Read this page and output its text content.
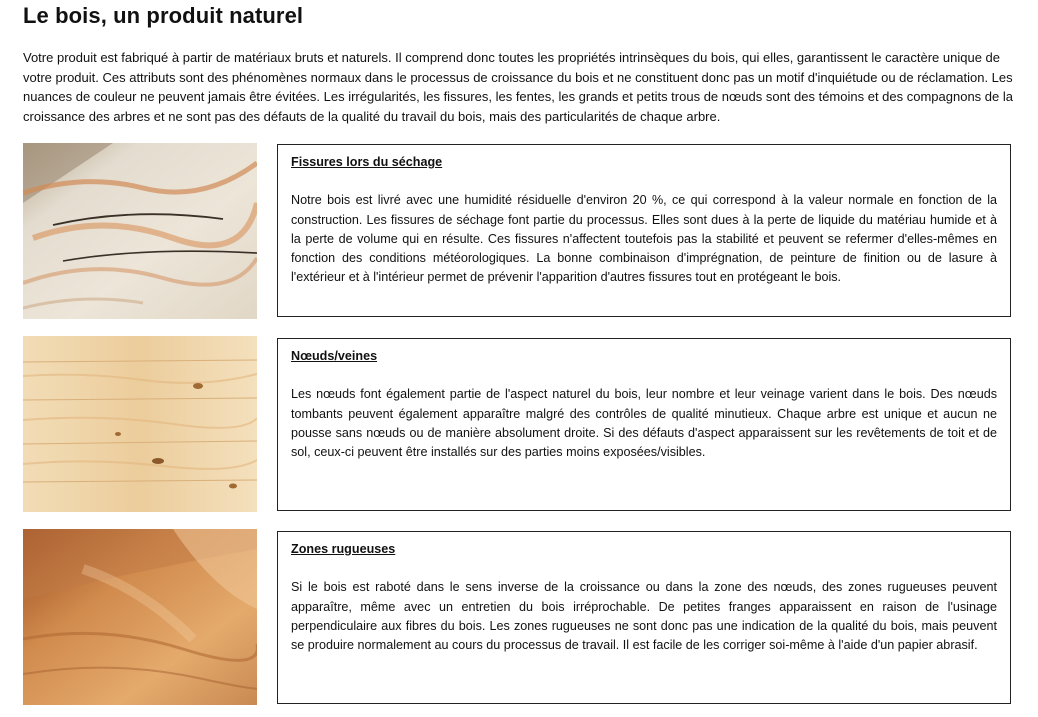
Le bois, un produit naturel

Votre produit est fabriqué à partir de matériaux bruts et naturels. Il comprend donc toutes les propriétés intrinsèques du bois, qui elles, garantissent le caractère unique de votre produit. Ces attributs sont des phénomènes normaux dans le processus de croissance du bois et ne constituent donc pas un motif d'inquiétude ou de réclamation. Les nuances de couleur ne peuvent jamais être évitées. Les irrégularités, les fissures, les fentes, les grands et petits trous de nœuds sont des témoins et des compagnons de la croissance des arbres et ne sont pas des défauts de la qualité du travail du bois, mais des particularités de chaque arbre.

Fissures lors du séchage

Notre bois est livré avec une humidité résiduelle d'environ 20 %, ce qui correspond à la valeur normale en fonction de la construction. Les fissures de séchage font partie du processus. Elles sont dues à la perte de liquide du matériau humide et à la perte de volume qui en résulte. Ces fissures n'affectent toutefois pas la stabilité et peuvent se refermer d'elles-mêmes en fonction des conditions météorologiques. La bonne combinaison d'imprégnation, de peinture de finition ou de lasure à l'extérieur et à l'intérieur permet de prévenir l'apparition d'autres fissures tout en protégeant le bois.

Nœuds/veines

Les nœuds font également partie de l'aspect naturel du bois, leur nombre et leur veinage varient dans le bois. Des nœuds tombants peuvent également apparaître malgré des contrôles de qualité minutieux. Chaque arbre est unique et aucun ne pousse sans nœuds ou de manière absolument droite. Si des défauts d'aspect apparaissent sur les revêtements de toit et de sol, ceux-ci peuvent être installés sur des parties moins exposées/visibles.

Zones rugueuses

Si le bois est raboté dans le sens inverse de la croissance ou dans la zone des nœuds, des zones rugueuses peuvent apparaître, même avec un entretien du bois irréprochable. De petites franges apparaissent en raison de l'usinage perpendiculaire aux fibres du bois. Les zones rugueuses ne sont donc pas une indication de la qualité du bois, mais peuvent se produire normalement au cours du processus de travail. Il est facile de les corriger soi-même à l'aide d'un papier abrasif.
